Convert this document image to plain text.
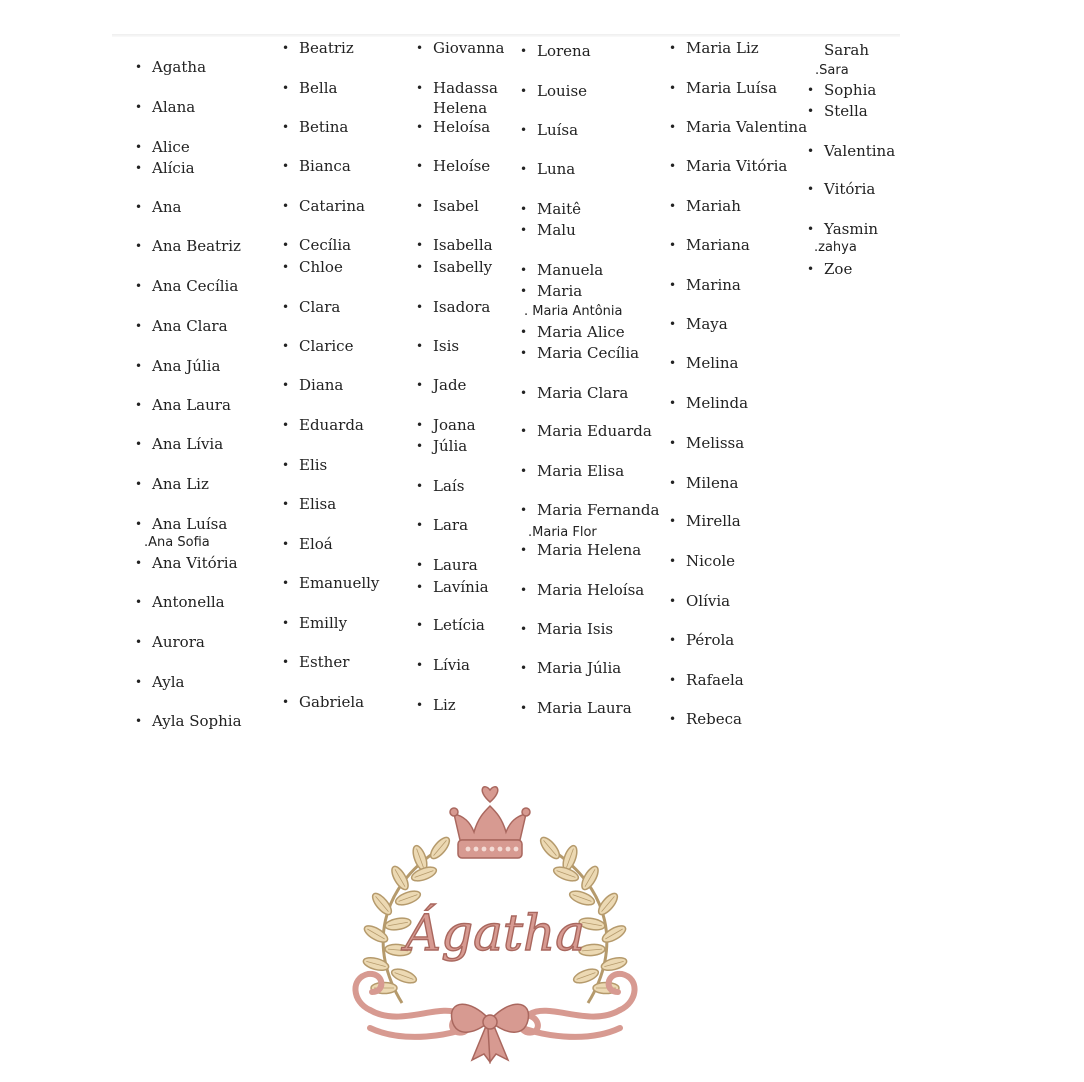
• Agatha
• Alana
• Alice
• Alícia
• Ana
• Ana Beatriz
• Ana Cecília
• Ana Clara
• Ana Júlia
• Ana Laura
• Ana Lívia
• Ana Liz
• Ana Luísa
.Ana Sofia
• Ana Vitória
• Antonella
• Aurora
• Ayla
• Ayla Sophia
• Beatriz
• Bella
• Betina
• Bianca
• Catarina
• Cecília
• Chloe
• Clara
• Clarice
• Diana
• Eduarda
• Elis
• Elisa
• Eloá
• Emanuelly
• Emilly
• Esther
• Gabriela
• Giovanna
• Hadassa
Helena
• Heloísa
• Heloíse
• Isabel
• Isabella
• Isabelly
• Isadora
• Isis
• Jade
• Joana
• Júlia
• Laís
• Lara
• Laura
• Lavínia
• Letícia
• Lívia
• Liz
• Lorena
• Louise
• Luísa
• Luna
• Maitê
• Malu
• Manuela
• Maria
. Maria Antônia
• Maria Alice
• Maria Cecília
• Maria Clara
• Maria Eduarda
• Maria Elisa
• Maria Fernanda
.Maria Flor
• Maria Helena
• Maria Heloísa
• Maria Isis
• Maria Júlia
• Maria Laura
• Maria Liz
• Maria Luísa
• Maria Valentina
• Maria Vitória
• Mariah
• Mariana
• Marina
• Maya
• Melina
• Melinda
• Melissa
• Milena
• Mirella
• Nicole
• Olívia
• Pérola
• Rafaela
• Rebeca
Sarah
.Sara
• Sophia
• Stella
• Valentina
• Vitória
• Yasmin
.zahya
• Zoe
Ágatha
